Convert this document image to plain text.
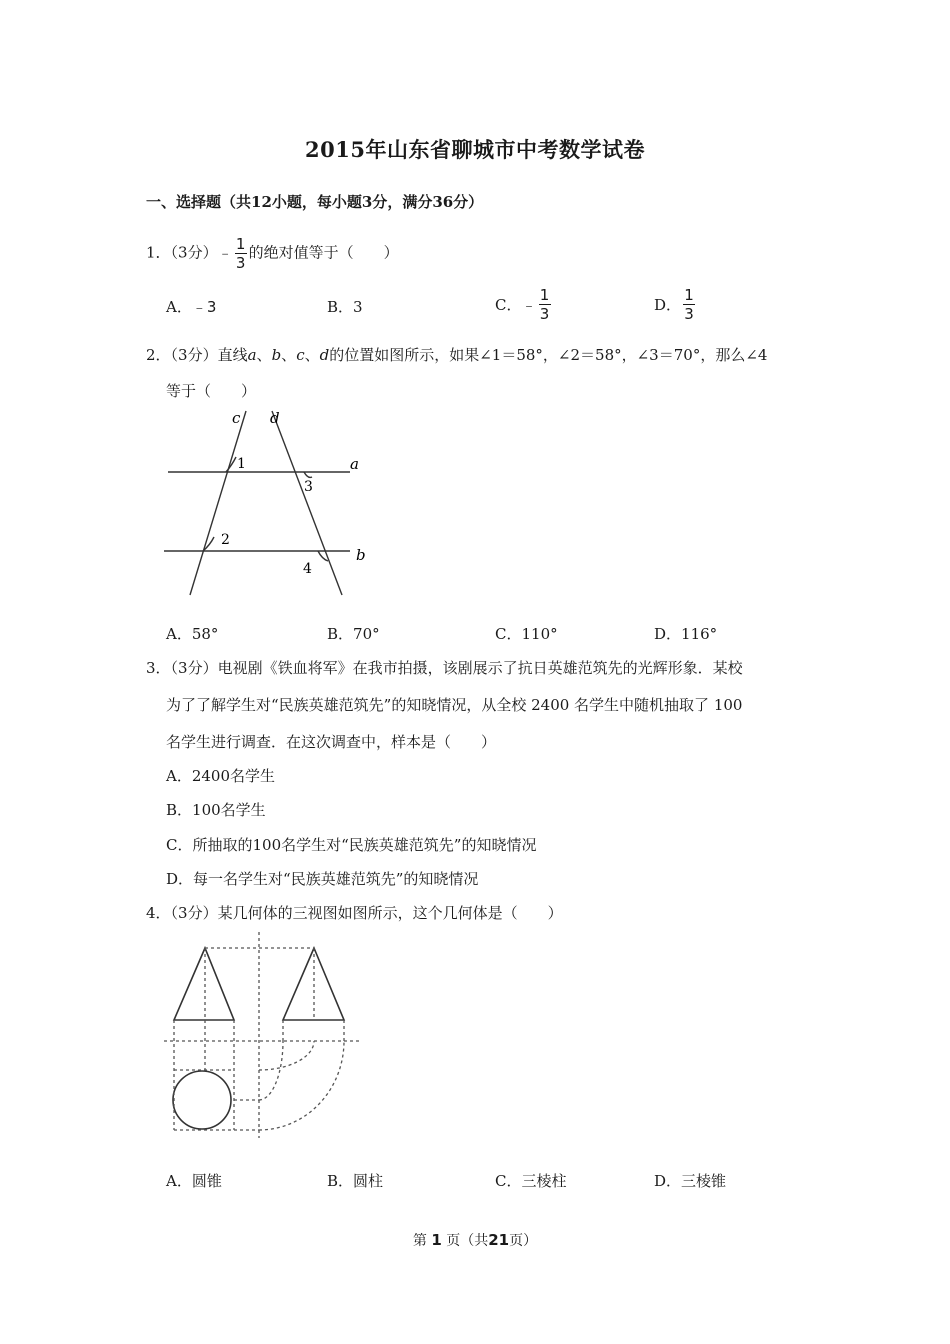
2015年山东省聊城市中考数学试卷
一、选择题（共12小题，每小题3分，满分36分）
1．（3分）﹣ $\frac{1}{3}$ 的绝对值等于（　　）
A．﹣3	B．3	C．﹣ $\frac{1}{3}$	D． $\frac{1}{3}$
2．（3分）直线a、b、c、d的位置如图所示，如果∠1＝58°，∠2＝58°，∠3＝70°，那么∠4
等于（　　）
c d
a
b
1
2
3
4
A．58°	B．70°	C．110°	D．116°
3．（3分）电视剧《铁血将军》在我市拍摄，该剧展示了抗日英雄范筑先的光辉形象．某校
为了了解学生对“民族英雄范筑先”的知晓情况，从全校 2400 名学生中随机抽取了 100
名学生进行调查．在这次调查中，样本是（　　）
A．2400名学生
B．100名学生
C．所抽取的100名学生对“民族英雄范筑先”的知晓情况
D．每一名学生对“民族英雄范筑先”的知晓情况
4．（3分）某几何体的三视图如图所示，这个几何体是（　　）
A．圆锥	B．圆柱	C．三棱柱	D．三棱锥
第 1 页（共21页）
